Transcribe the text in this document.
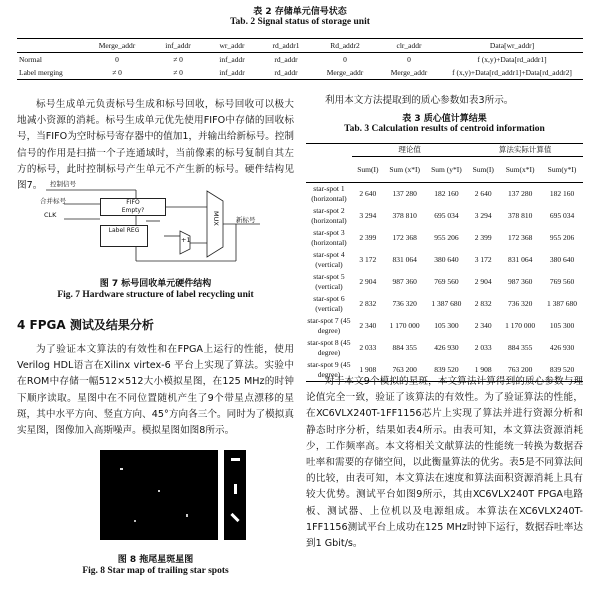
表 2 存储单元信号状态
Tab. 2 Signal status of storage unit
	Merge_addr	inf_addr	wr_addr	rd_addr1	Rd_addr2	clr_addr	Data[wr_addr]
Normal	0	≠ 0	inf_addr	rd_addr	0	0	f (x,y)+Data[rd_addr1]
Label merging	≠ 0	≠ 0	inf_addr	rd_addr	Merge_addr	Merge_addr	f (x,y)+Data[rd_addr1]+Data[rd_addr2]
标号生成单元负责标号生成和标号回收，标号回收可以极大地减小资源的消耗。标号生成单元优先使用FIFO中存储的回收标号，当FIFO为空时标号寄存器中的值加1，并输出给新标号。控制信号的作用是扫描一个子连通域时，当前像素的标号复制自其左方的标号，此时控制标号产生单元不产生新的标号。硬件结构见图7。	控制信号
合并标号
CLK
FIFO
Empty?
Label REG
+1
MUX 新标号
图 7 标号回收单元硬件结构
Fig. 7 Hardware structure of label recycling unit
4 FPGA 测试及结果分析
为了验证本文算法的有效性和在FPGA上运行的性能，使用Verilog HDL语言在Xilinx virtex-6 平台上实现了算法。实验中在ROM中存储一幅512×512大小模拟星图，在125 MHz的时钟下顺序读取。星图中在不同位置随机产生了9个带星点漂移的星斑，其中水平方向、竖直方向、45°方向各三个。同时为了模拟真实星图，图像加入高斯噪声。模拟星图如图8所示。
图 8 拖尾星斑星图
Fig. 8 Star map of trailing star spots
利用本文方法提取到的质心参数如表3所示。
表 3 质心值计算结果
Tab. 3 Calculation results of centroid information
	理论值			算法实际计算值		
	Sum(I)	Sum (x*I)	Sum (y*I)	Sum(I)	Sum(x*I)	Sum(y*I)
star-spot 1 (horizontal)	2 640	137 280	182 160	2 640	137 280	182 160
star-spot 2 (horizontal)	3 294	378 810	695 034	3 294	378 810	695 034
star-spot 3 (horizontal)	2 399	172 368	955 206	2 399	172 368	955 206
star-spot 4 (vertical)	3 172	831 064	380 640	3 172	831 064	380 640
star-spot 5 (vertical)	2 904	987 360	769 560	2 904	987 360	769 560
star-spot 6 (vertical)	2 832	736 320	1 387 680	2 832	736 320	1 387 680
star-spot 7 (45 degree)	2 340	1 170 000	105 300	2 340	1 170 000	105 300
star-spot 8 (45 degree)	2 033	884 355	426 930	2 033	884 355	426 930
star-spot 9 (45 degree)	1 908	763 200	839 520	1 908	763 200	839 520
对于本文9个模拟的星斑，本文算法计算得到的质心参数与理论值完全一致，验证了该算法的有效性。为了验证算法的性能，在XC6VLX240T-1FF1156芯片上实现了算法并进行资源分析和静态时序分析，结果如表4所示。由表可知，本文算法资源消耗少，工作频率高。本文将相关文献算法的性能统一转换为数据吞吐率和需要的存储空间，以此衡量算法的优劣。表5是不同算法间的比较，由表可知，本文算法在速度和算法面积资源消耗上具有较大优势。测试平台如图9所示，其由XC6VLX240T FPGA电路板、测试器、上位机以及电源组成。本算法在XC6VLX240T-1FF1156测试平台上成功在125 MHz时钟下运行，数据吞吐率达到1 Gbit/s。
